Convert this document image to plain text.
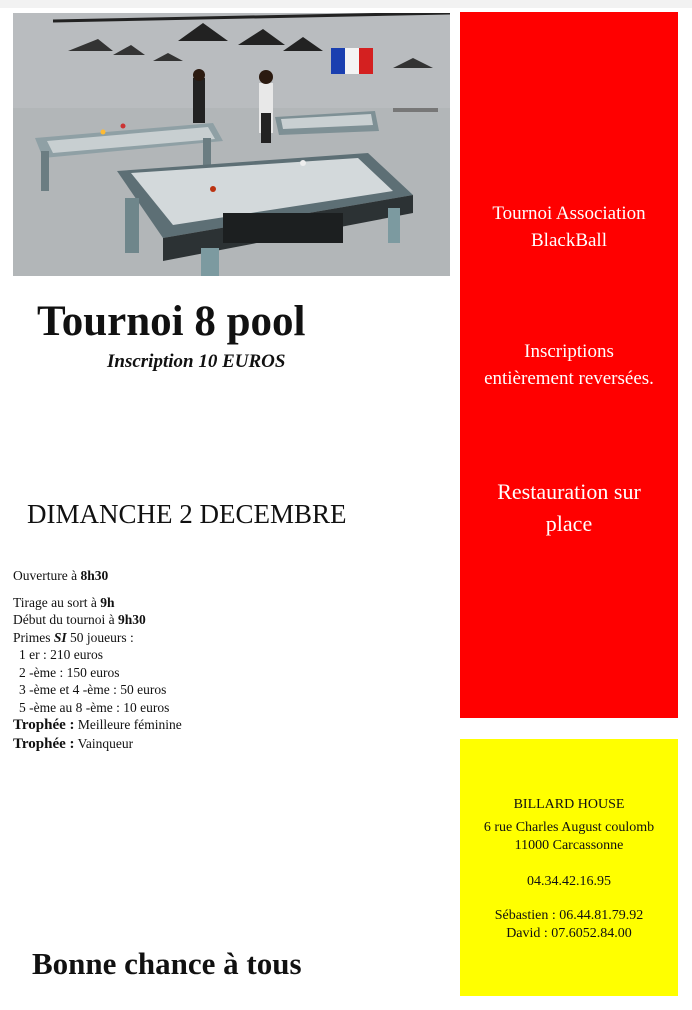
Tournoi 8 pool
Inscription 10 EUROS
DIMANCHE 2 DECEMBRE
Ouverture à 8h30
Tirage au sort à 9h
Début du tournoi à 9h30
Primes SI 50 joueurs :
1 er : 210 euros
2 -ème : 150 euros
3 -ème et 4 -ème : 50 euros
5 -ème au 8 -ème : 10 euros
Trophée : Meilleure féminine
Trophée : Vainqueur
Bonne chance à tous
Tournoi Association
BlackBall
Inscriptions
entièrement reversées.
Restauration sur
place
BILLARD HOUSE
6 rue Charles August coulomb
11000 Carcassonne
04.34.42.16.95
Sébastien : 06.44.81.79.92
David : 07.6052.84.00
